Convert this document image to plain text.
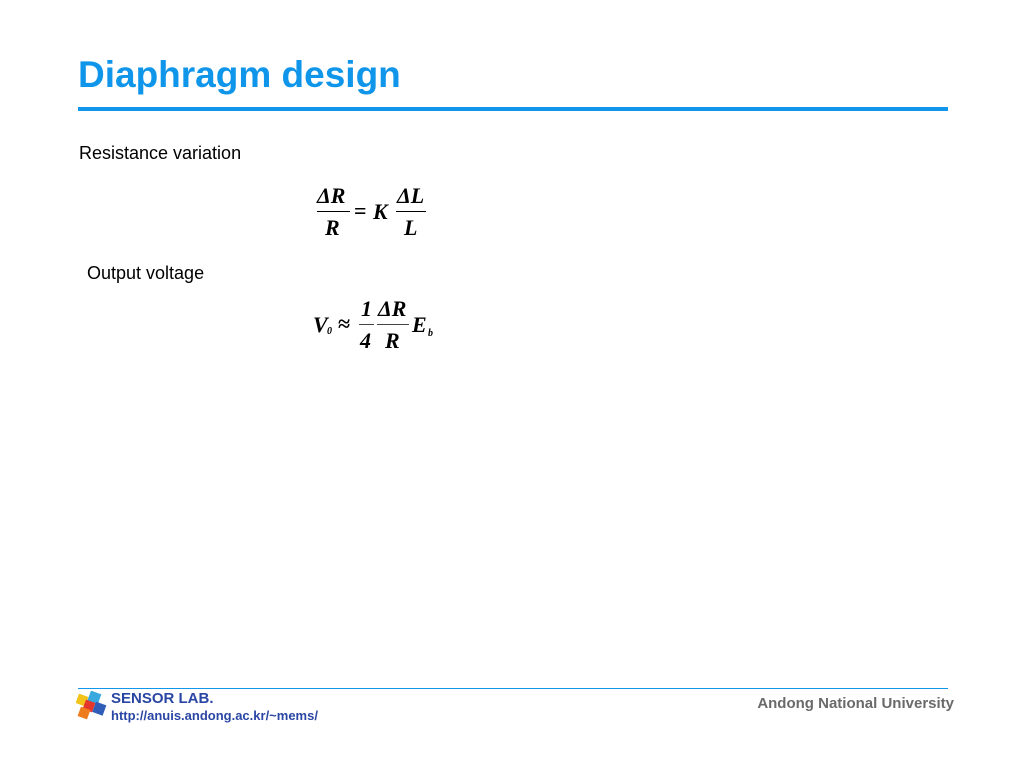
Diaphragm design
Resistance variation
ΔR
R
= K
ΔL
L
Output voltage
V 0 ≈
1
4
ΔR
R
E b
SENSOR LAB.
http://anuis.andong.ac.kr/~mems/
Andong National University
